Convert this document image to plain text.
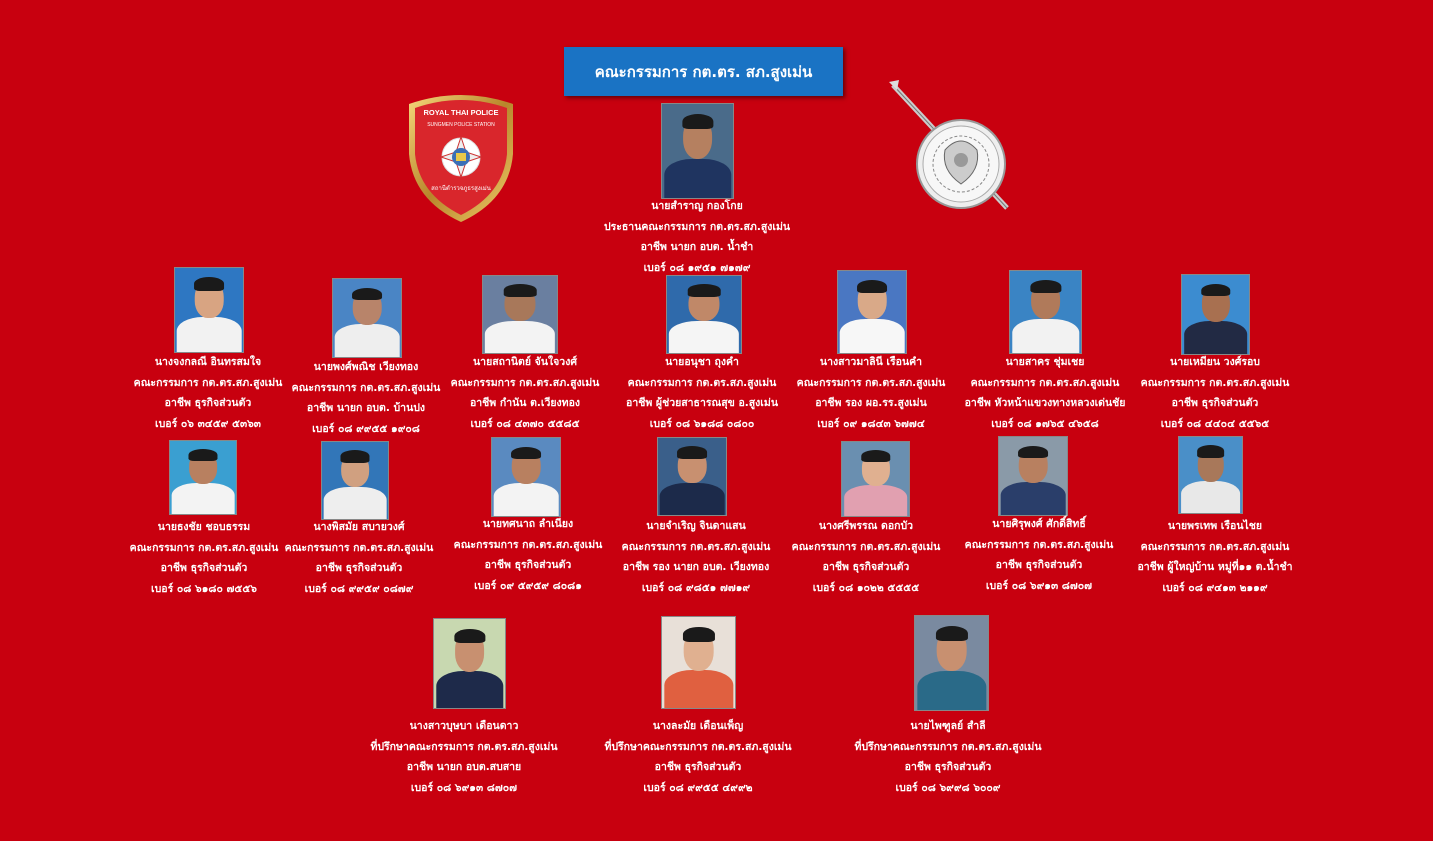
คณะกรรมการ กต.ตร. สภ.สูงเม่น
ROYAL THAI POLICE
SUNGMEN POLICE STATION
สถานีตำรวจภูธรสูงเม่น
นายสำราญ กองโกย
ประธานคณะกรรมการ กต.ตร.สภ.สูงเม่น
อาชีพ นายก อบต. น้ำชำ
เบอร์ ๐๘ ๑๙๕๑ ๗๑๗๙
นางจงกลณี อินทรสมใจ
คณะกรรมการ กต.ตร.สภ.สูงเม่น
อาชีพ ธุรกิจส่วนตัว
เบอร์ ๐๖ ๓๔๕๙ ๕๓๖๓
นายพงศ์พณิช เวียงทอง
คณะกรรมการ กต.ตร.สภ.สูงเม่น
อาชีพ นายก อบต. บ้านปง
เบอร์ ๐๘ ๙๙๕๕ ๑๙๐๘
นายสถานิตย์ จันใจวงศ์
คณะกรรมการ กต.ตร.สภ.สูงเม่น
อาชีพ กำนัน ต.เวียงทอง
เบอร์ ๐๘ ๔๓๗๐ ๕๕๘๕
นายอนุชา ถุงคำ
คณะกรรมการ กต.ตร.สภ.สูงเม่น
อาชีพ ผู้ช่วยสาธารณสุข อ.สูงเม่น
เบอร์ ๐๘ ๖๑๘๘ ๐๘๐๐
นางสาวมาลินี เรือนคำ
คณะกรรมการ กต.ตร.สภ.สูงเม่น
อาชีพ รอง ผอ.รร.สูงเม่น
เบอร์ ๐๙ ๑๘๔๓ ๖๗๗๔
นายสาคร ชุ่มเชย
คณะกรรมการ กต.ตร.สภ.สูงเม่น
อาชีพ หัวหน้าแขวงทางหลวงเด่นชัย
เบอร์ ๐๘ ๑๗๖๕ ๔๖๕๘
นายเหมียน วงศ์รอบ
คณะกรรมการ กต.ตร.สภ.สูงเม่น
อาชีพ ธุรกิจส่วนตัว
เบอร์ ๐๘ ๔๔๐๔ ๕๕๖๕
นายธงชัย ชอบธรรม
คณะกรรมการ กต.ตร.สภ.สูงเม่น
อาชีพ ธุรกิจส่วนตัว
เบอร์ ๐๘ ๖๑๘๐ ๗๕๕๖
นางพิสมัย สบายวงศ์
คณะกรรมการ กต.ตร.สภ.สูงเม่น
อาชีพ ธุรกิจส่วนตัว
เบอร์ ๐๘ ๙๙๕๙ ๐๘๗๙
นายทศนาถ ลำเนียง
คณะกรรมการ กต.ตร.สภ.สูงเม่น
อาชีพ ธุรกิจส่วนตัว
เบอร์ ๐๙ ๕๙๕๙ ๘๐๘๑
นายจำเริญ จินดาแสน
คณะกรรมการ กต.ตร.สภ.สูงเม่น
อาชีพ รอง นายก อบต. เวียงทอง
เบอร์ ๐๘ ๙๘๕๑ ๗๗๑๙
นางศรีพรรณ ดอกบัว
คณะกรรมการ กต.ตร.สภ.สูงเม่น
อาชีพ ธุรกิจส่วนตัว
เบอร์ ๐๘ ๑๐๒๒ ๕๕๕๕
นายศิรุพงศ์ ศักดิ์สิทธิ์
คณะกรรมการ กต.ตร.สภ.สูงเม่น
อาชีพ ธุรกิจส่วนตัว
เบอร์ ๐๘ ๖๙๑๓ ๘๗๐๗
นายพรเทพ เรือนไชย
คณะกรรมการ กต.ตร.สภ.สูงเม่น
อาชีพ ผู้ใหญ่บ้าน หมู่ที่๑๑ ต.น้ำชำ
เบอร์ ๐๘ ๙๔๑๓ ๒๑๑๙
นางสาวบุษบา เดือนดาว
ที่ปรึกษาคณะกรรมการ กต.ตร.สภ.สูงเม่น
อาชีพ นายก อบต.สบสาย
เบอร์ ๐๘ ๖๙๑๓ ๘๗๐๗
นางละมัย เดือนเพ็ญ
ที่ปรึกษาคณะกรรมการ กต.ตร.สภ.สูงเม่น
อาชีพ ธุรกิจส่วนตัว
เบอร์ ๐๘ ๙๙๕๕ ๔๙๙๒
นายไพฑูลย์ สำลี
ที่ปรึกษาคณะกรรมการ กต.ตร.สภ.สูงเม่น
อาชีพ ธุรกิจส่วนตัว
เบอร์ ๐๘ ๖๙๙๘ ๖๐๐๙
